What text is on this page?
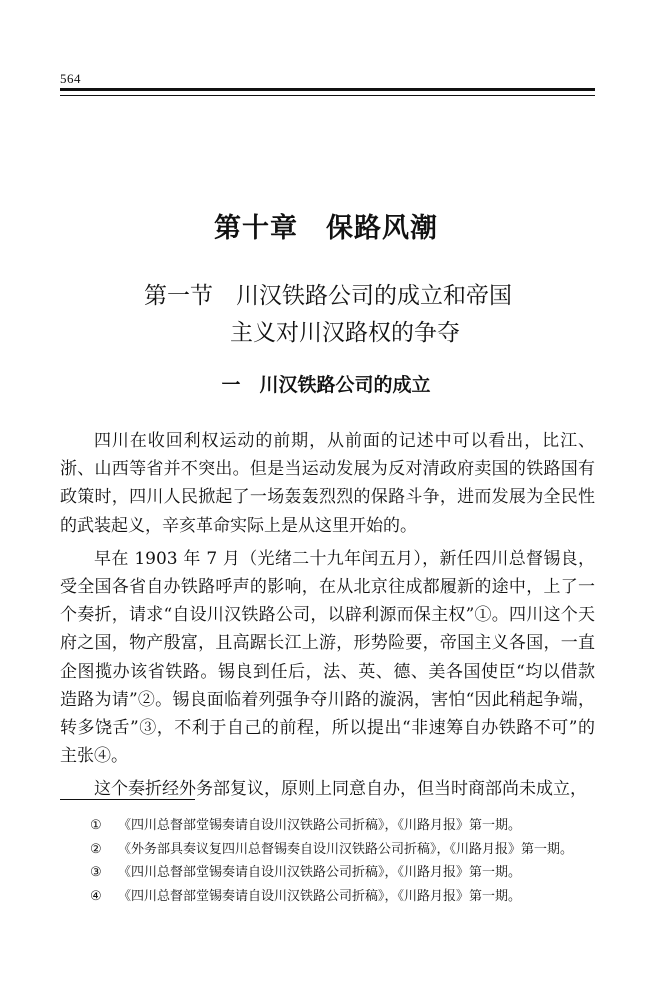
564
第十章　保路风潮
第一节　川汉铁路公司的成立和帝国
主义对川汉路权的争夺
一　川汉铁路公司的成立

四川在收回利权运动的前期，从前面的记述中可以看出，比江、浙、山西等省并不突出。但是当运动发展为反对清政府卖国的铁路国有政策时，四川人民掀起了一场轰轰烈烈的保路斗争，进而发展为全民性的武装起义，辛亥革命实际上是从这里开始的。

早在 1903 年 7 月（光绪二十九年闰五月），新任四川总督锡良，受全国各省自办铁路呼声的影响，在从北京往成都履新的途中，上了一个奏折，请求“自设川汉铁路公司，以辟利源而保主权”①。四川这个天府之国，物产殷富，且高踞长江上游，形势险要，帝国主义各国，一直企图揽办该省铁路。锡良到任后，法、英、德、美各国使臣“均以借款造路为请”②。锡良面临着列强争夺川路的漩涡，害怕“因此稍起争端，转多饶舌”③，不利于自己的前程，所以提出“非速筹自办铁路不可”的主张④。

这个奏折经外务部复议，原则上同意自办，但当时商部尚未成立，

① 《四川总督部堂锡奏请自设川汉铁路公司折稿》，《川路月报》第一期。

② 《外务部具奏议复四川总督锡奏自设川汉铁路公司折稿》，《川路月报》第一期。

③ 《四川总督部堂锡奏请自设川汉铁路公司折稿》，《川路月报》第一期。

④ 《四川总督部堂锡奏请自设川汉铁路公司折稿》，《川路月报》第一期。
